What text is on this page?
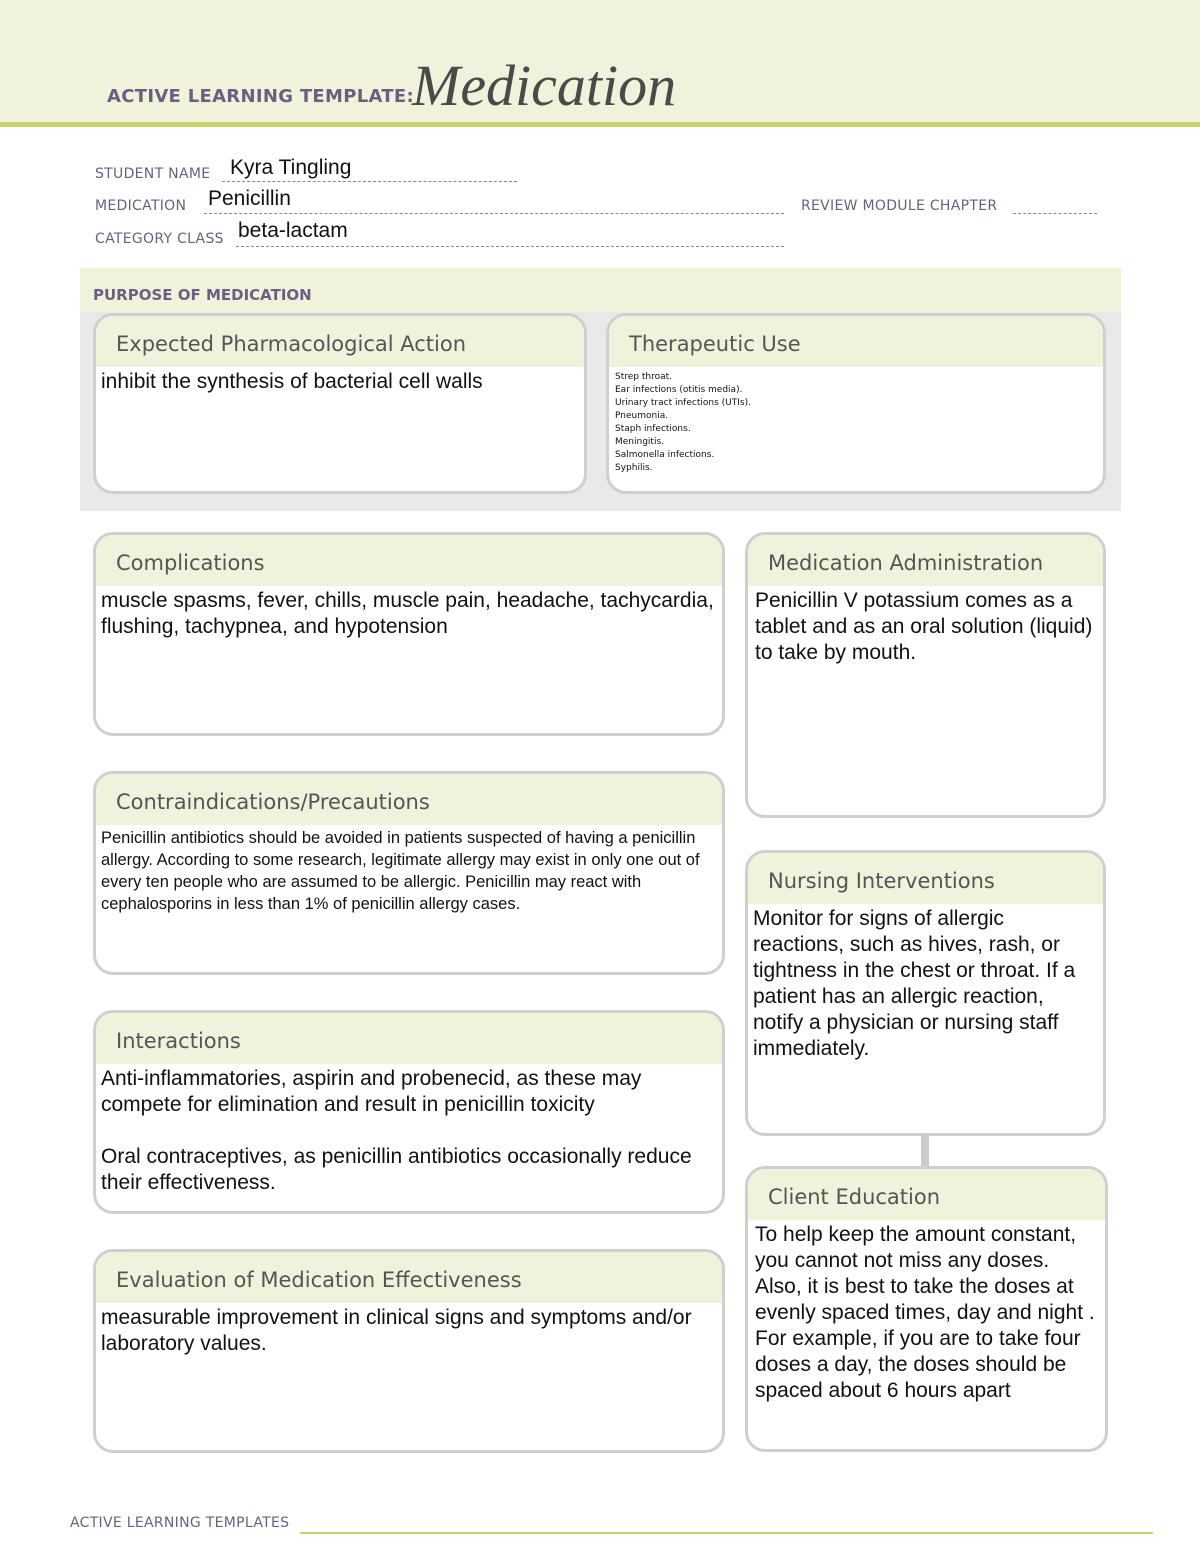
ACTIVE LEARNING TEMPLATE:
Medication
STUDENT NAME Kyra Tingling
MEDICATION Penicillin	REVIEW MODULE CHAPTER
CATEGORY CLASS beta-lactam
PURPOSE OF MEDICATION
Expected Pharmacological Action
inhibit the synthesis of bacterial cell walls
Therapeutic Use
Strep throat.
Ear infections (otitis media).
Urinary tract infections (UTIs).
Pneumonia.
Staph infections.
Meningitis.
Salmonella infections.
Syphilis.
Complications
muscle spasms, fever, chills, muscle pain, headache, tachycardia, flushing, tachypnea, and hypotension
Medication Administration
Penicillin V potassium comes as a tablet and as an oral solution (liquid) to take by mouth.
Contraindications/Precautions
Penicillin antibiotics should be avoided in patients suspected of having a penicillin allergy. According to some research, legitimate allergy may exist in only one out of every ten people who are assumed to be allergic. Penicillin may react with cephalosporins in less than 1% of penicillin allergy cases.
Nursing Interventions
Monitor for signs of allergic reactions, such as hives, rash, or tightness in the chest or throat. If a patient has an allergic reaction, notify a physician or nursing staff immediately.
Interactions
Anti-inflammatories, aspirin and probenecid, as these may compete for elimination and result in penicillin toxicity
Oral contraceptives, as penicillin antibiotics occasionally reduce their effectiveness.
Client Education
To help keep the amount constant, you cannot not miss any doses. Also, it is best to take the doses at evenly spaced times, day and night . For example, if you are to take four doses a day, the doses should be spaced about 6 hours apart
Evaluation of Medication Effectiveness
measurable improvement in clinical signs and symptoms and/or laboratory values.
ACTIVE LEARNING TEMPLATES
